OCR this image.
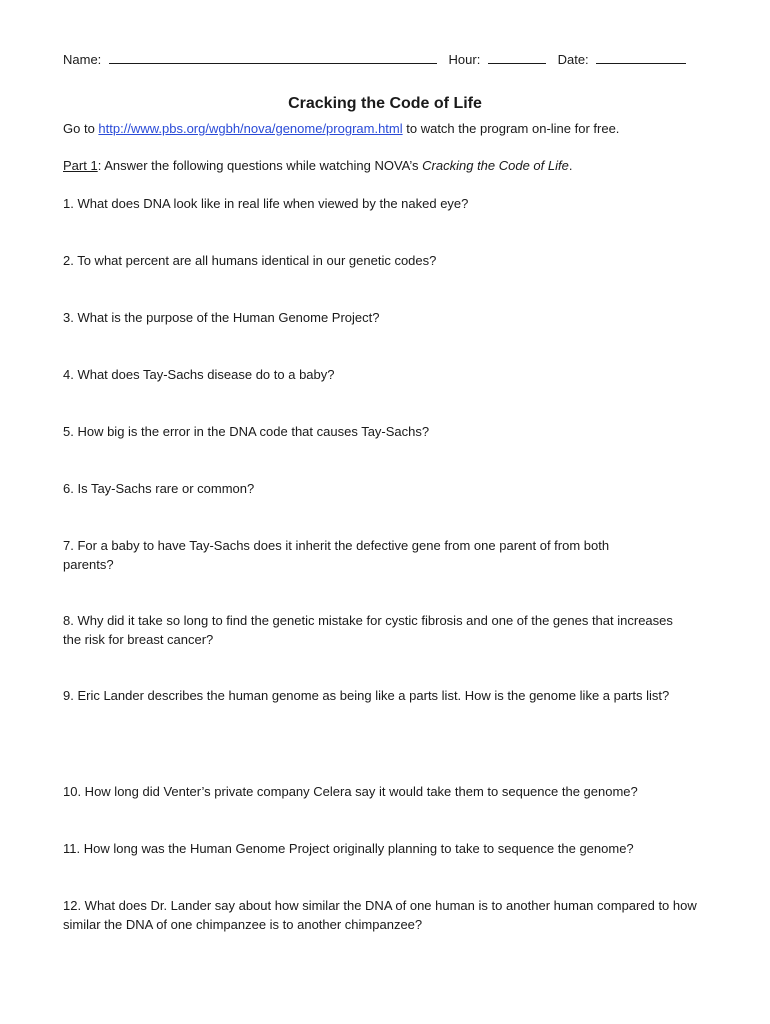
Name:	Hour:	Date:
Cracking the Code of Life
Go to http://www.pbs.org/wgbh/nova/genome/program.html to watch the program on-line for free.
Part 1: Answer the following questions while watching NOVA’s Cracking the Code of Life.
1. What does DNA look like in real life when viewed by the naked eye?
2. To what percent are all humans identical in our genetic codes?
3. What is the purpose of the Human Genome Project?
4. What does Tay-Sachs disease do to a baby?
5. How big is the error in the DNA code that causes Tay-Sachs?
6. Is Tay-Sachs rare or common?
7. For a baby to have Tay-Sachs does it inherit the defective gene from one parent of from both parents?
8. Why did it take so long to find the genetic mistake for cystic fibrosis and one of the genes that increases the risk for breast cancer?
9. Eric Lander describes the human genome as being like a parts list. How is the genome like a parts list?
10. How long did Venter’s private company Celera say it would take them to sequence the genome?
11. How long was the Human Genome Project originally planning to take to sequence the genome?
12. What does Dr. Lander say about how similar the DNA of one human is to another human compared to how similar the DNA of one chimpanzee is to another chimpanzee?
